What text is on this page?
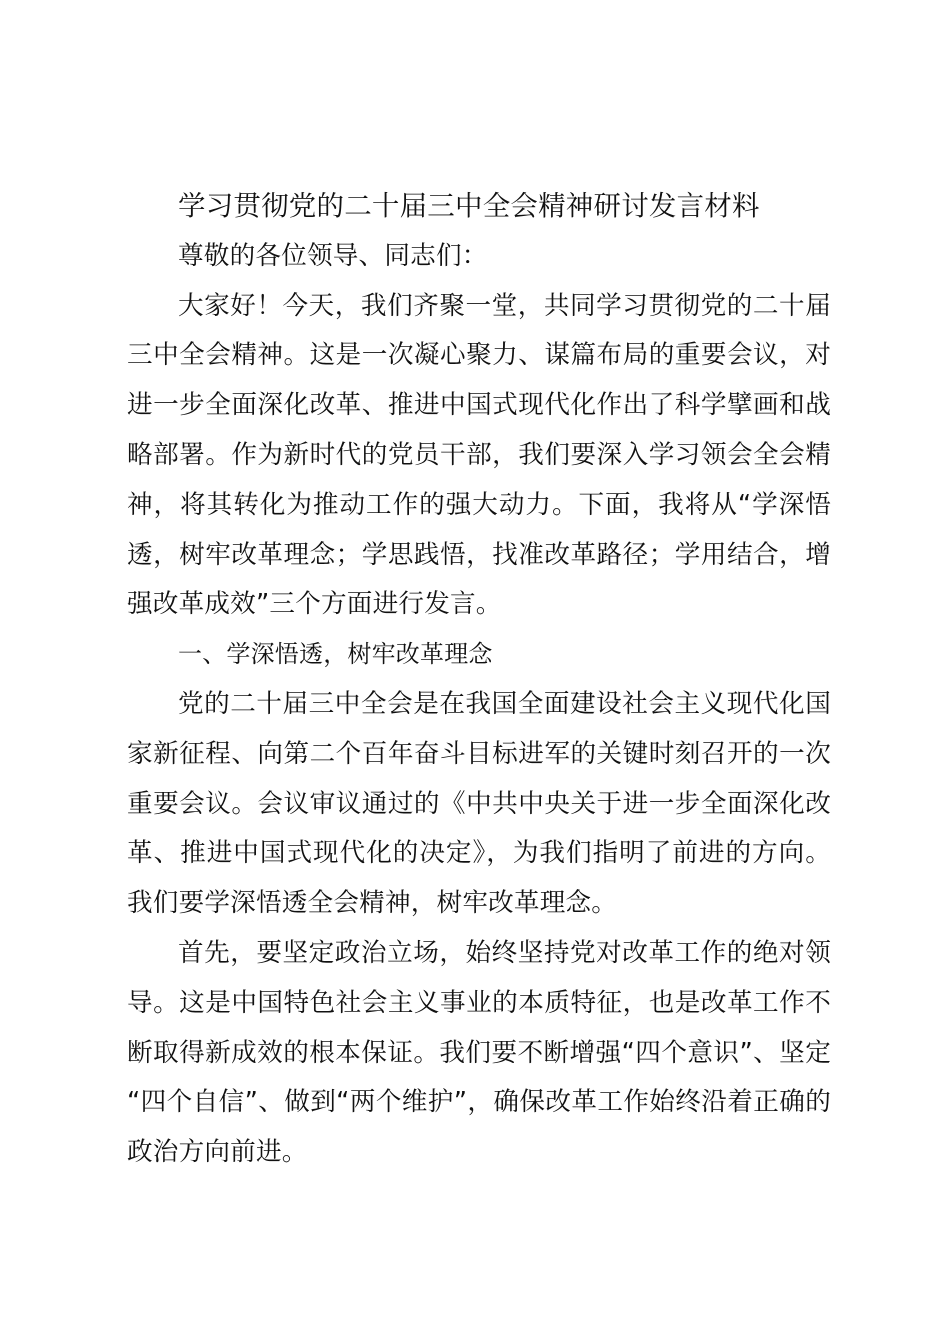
学习贯彻党的二十届三中全会精神研讨发言材料

尊敬的各位领导、同志们：

大家好！今天，我们齐聚一堂，共同学习贯彻党的二十届三中全会精神。这是一次凝心聚力、谋篇布局的重要会议，对进一步全面深化改革、推进中国式现代化作出了科学擘画和战略部署。作为新时代的党员干部，我们要深入学习领会全会精神，将其转化为推动工作的强大动力。下面，我将从“学深悟透，树牢改革理念；学思践悟，找准改革路径；学用结合，增强改革成效”三个方面进行发言。

一、学深悟透，树牢改革理念

党的二十届三中全会是在我国全面建设社会主义现代化国家新征程、向第二个百年奋斗目标进军的关键时刻召开的一次重要会议。会议审议通过的《中共中央关于进一步全面深化改革、推进中国式现代化的决定》，为我们指明了前进的方向。我们要学深悟透全会精神，树牢改革理念。

首先，要坚定政治立场，始终坚持党对改革工作的绝对领导。这是中国特色社会主义事业的本质特征，也是改革工作不断取得新成效的根本保证。我们要不断增强“四个意识”、坚定“四个自信”、做到“两个维护”，确保改革工作始终沿着正确的政治方向前进。
